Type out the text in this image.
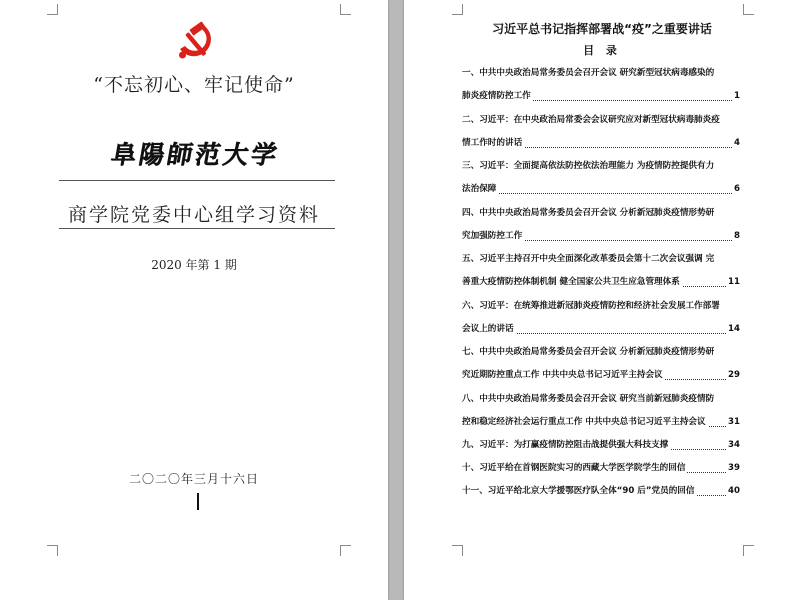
“不忘初心、牢记使命”
阜陽師范大学
商学院党委中心组学习资料
2020 年第 1 期
二〇二〇年三月十六日
习近平总书记指挥部署战“疫”之重要讲话
目 录
一、中共中央政治局常务委员会召开会议 研究新型冠状病毒感染的
肺炎疫情防控工作	1
二、习近平：在中央政治局常委会会议研究应对新型冠状病毒肺炎疫
情工作时的讲话	4
三、习近平：全面提高依法防控依法治理能力 为疫情防控提供有力
法治保障	6
四、中共中央政治局常务委员会召开会议 分析新冠肺炎疫情形势研
究加强防控工作	8
五、习近平主持召开中央全面深化改革委员会第十二次会议强调 完
善重大疫情防控体制机制 健全国家公共卫生应急管理体系	11
六、习近平：在统筹推进新冠肺炎疫情防控和经济社会发展工作部署
会议上的讲话	14
七、中共中央政治局常务委员会召开会议 分析新冠肺炎疫情形势研
究近期防控重点工作 中共中央总书记习近平主持会议	29
八、中共中央政治局常务委员会召开会议 研究当前新冠肺炎疫情防
控和稳定经济社会运行重点工作 中共中央总书记习近平主持会议	31
九、习近平：为打赢疫情防控阻击战提供强大科技支撑	34
十、习近平给在首钢医院实习的西藏大学医学院学生的回信	39
十一、习近平给北京大学援鄂医疗队全体“90 后”党员的回信	40
